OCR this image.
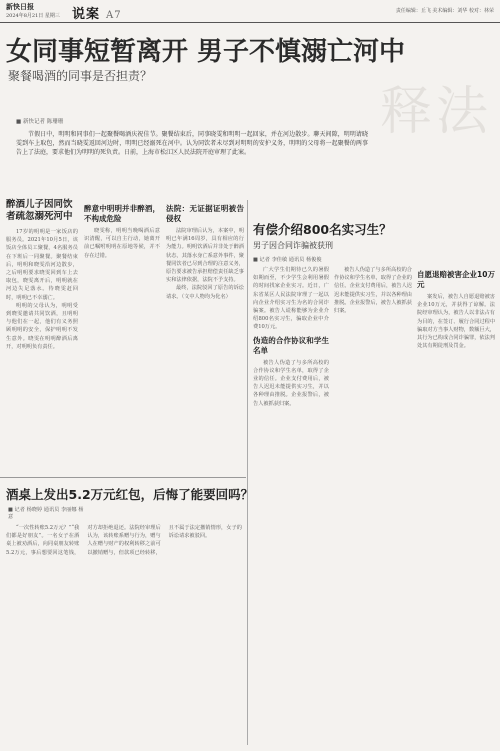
新快日报
2024年8月21日 星期三 说案 A7	责任编辑：丘飞 美术编辑：刘华 校对：林荣
女同事短暂离开 男子不慎溺亡河中
聚餐喝酒的同事是否担责？
释法
■ 新快记者 陈珊珊

节假日中，明明和同事们一起聚餐喝酒庆祝佳节。聚餐结束后，同事晓雯和明明一起回家，并在河边散步。聊天间隙，明明请晓雯到车上取包，然而当晓雯返回河边时，明明已经溺死在河中。认为同饮者未尽到对明明的安护义务，明明的父母将一起聚餐的两事告上了法庭，要求他们为明明的死负责。日前，上海市松江区人民法院开庭审理了此案。

醉酒儿子因同饮者疏忽溺死河中

17岁的明明是一家饭店的服务员。2021年10月5日，该饭店全体员工聚餐，4名服务员在下班后一同聚餐。聚餐结束后，明明和晓雯沿河边散步，之后明明要求晓雯回到车上去取包，晓雯离开后，明明就在河边失足落水。待晓雯赶回时，明明已不幸溺亡。

明明的父母认为，明明受到晓雯邀请共同饮酒，且明明与他们在一起，他们有义务照顾明明的安全，保护明明不发生意外。晓雯在明明醉酒后离开，对明明负有责任。

醉意中明明并非醉酒，不构成危险

晓雯称，明明当晚喝酒后意识清醒，可以自主行动，她离开前已嘱咐明明在原地等候，并不存在过错。

法院：无证据证明被告侵权

法院审理后认为，本案中，明明已年满16周岁，具有相应的行为能力。明明饮酒后并非处于醉酒状态，其落水身亡系意外事件，聚餐同饮者已尽到合理的注意义务，原告要求被告承担赔偿责任缺乏事实和法律依据，法院不予支持。

最终，法院驳回了原告的诉讼请求。（文中人物均为化名）

酒桌上发出5.2万元红包，后悔了能要回吗？
■ 记者 杨晓婷 通讯员 李丽娜 杨意

“一次性转账5.2万元？”“我们都是好朋友”。一名女子在酒桌上被劝酒后，向同桌朋友转账5.2万元，事后想要回这笔钱，对方却拒绝退还。法院经审理后认为，该转账系赠与行为，赠与人在赠与财产的权利转移之前可以撤销赠与，但款项已经转移，且不属于法定撤销情形，女子的诉讼请求被驳回。

有偿介绍800名实习生？
男子因合同诈骗被获刑
■ 记者 李佳敏 通讯员 杨俊俊

广大学生们期待已久的暑假如期而至，不少学生会利用暑假的时间找家企业实习。近日，广东省某区人民法院审理了一起以向企业介绍实习生为名的合同诈骗案。被告人谎称能够为企业介绍800名实习生，骗取企业中介费10万元。

伪造的合作协议和学生名单

被告人伪造了与多所高校的合作协议和学生名单，取得了企业的信任。企业支付费用后，被告人迟迟未能提供实习生，并以各种理由推脱。企业报警后，被告人被抓获归案。

被告人伪造了与多所高校的合作协议和学生名单，取得了企业的信任。企业支付费用后，被告人迟迟未能提供实习生，并以各种理由推脱。企业报警后，被告人被抓获归案。

自愿退赔被害企业10万元

案发后，被告人自愿退赔被害企业10万元，并获得了谅解。法院经审理认为，被告人以非法占有为目的，在签订、履行合同过程中骗取对方当事人财物，数额巨大，其行为已构成合同诈骗罪，依法判处其有期徒刑及罚金。
